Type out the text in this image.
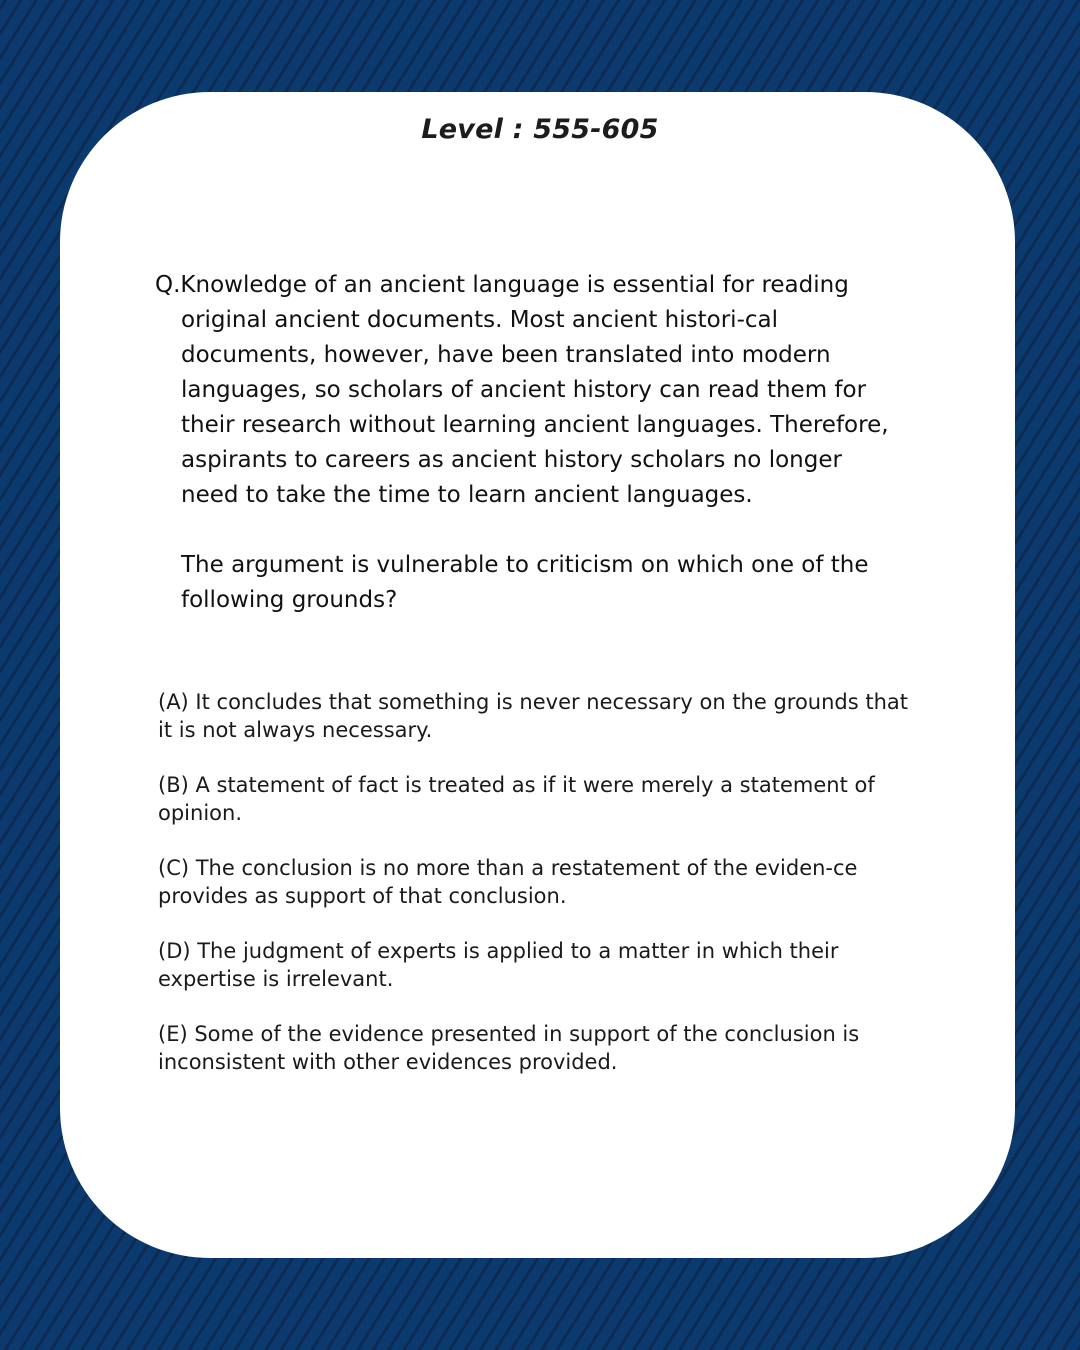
Level : 555-605

Q.Knowledge of an ancient language is essential for reading original ancient documents. Most ancient histori-cal documents, however, have been translated into modern languages, so scholars of ancient history can read them for their research without learning ancient languages. Therefore, aspirants to careers as ancient history scholars no longer need to take the time to learn ancient languages.

The argument is vulnerable to criticism on which one of the following grounds?

(A) It concludes that something is never necessary on the grounds that it is not always necessary.
(B) A statement of fact is treated as if it were merely a statement of opinion.
(C) The conclusion is no more than a restatement of the eviden-ce provides as support of that conclusion.
(D) The judgment of experts is applied to a matter in which their expertise is irrelevant.
(E) Some of the evidence presented in support of the conclusion is inconsistent with other evidences provided.
